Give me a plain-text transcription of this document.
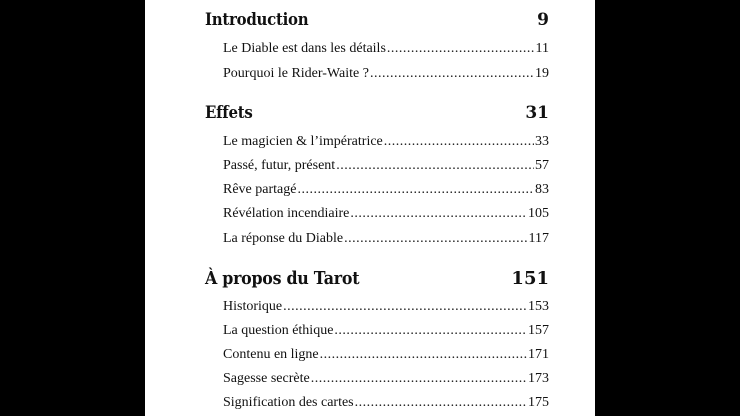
Introduction	9
Le Diable est dans les détails .....	11
Pourquoi le Rider-Waite ? .....	19
Effets	31
Le magicien & l’impératrice .....	33
Passé, futur, présent .....	57
Rêve partagé .....	83
Révélation incendiaire .....	105
La réponse du Diable .....	117
À propos du Tarot	151
Historique .....	153
La question éthique .....	157
Contenu en ligne .....	171
Sagesse secrète .....	173
Signification des cartes .....	175
